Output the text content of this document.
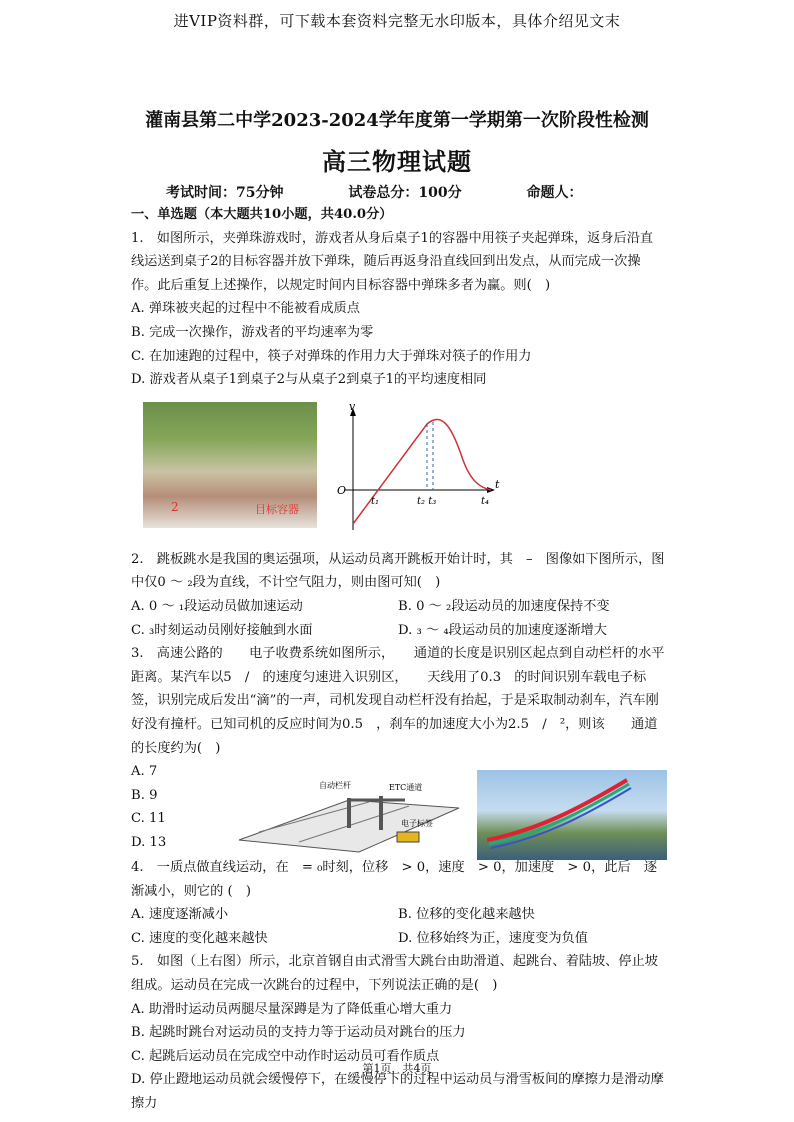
进VIP资料群，可下载本套资料完整无水印版本，具体介绍见文末
灌南县第二中学2023-2024学年度第一学期第一次阶段性检测
高三物理试题
考试时间：75分钟	试卷总分：100分	命题人：
一、单选题（本大题共10小题，共40.0分）
1.　如图所示，夹弹珠游戏时，游戏者从身后桌子1的容器中用筷子夹起弹珠，返身后沿直线运送到桌子2的目标容器并放下弹珠，随后再返身沿直线回到出发点，从而完成一次操作。此后重复上述操作，以规定时间内目标容器中弹珠多者为赢。则(　)
A. 弹珠被夹起的过程中不能被看成质点
B. 完成一次操作，游戏者的平均速率为零
C. 在加速跑的过程中，筷子对弹珠的作用力大于弹珠对筷子的作用力
D. 游戏者从桌子1到桌子2与从桌子2到桌子1的平均速度相同
2	目标容器
v
t
O
t₁	t₂ t₃	t₄
2.　跳板跳水是我国的奥运强项，从运动员离开跳板开始计时，其　–　图像如下图所示，图中仅0 ～ ₂段为直线，不计空气阻力，则由图可知(　)
A. 0 ～ ₁段运动员做加速运动	B. 0 ～ ₂段运动员的加速度保持不变
C. ₃时刻运动员刚好接触到水面	D. ₃ ～ ₄段运动员的加速度逐渐增大
3.　高速公路的　　电子收费系统如图所示，　　通道的长度是识别区起点到自动栏杆的水平距离。某汽车以5　/　的速度匀速进入识别区，　　天线用了0.3　的时间识别车载电子标签，识别完成后发出“滴”的一声，司机发现自动栏杆没有抬起，于是采取制动刹车，汽车刚好没有撞杆。已知司机的反应时间为0.5　，刹车的加速度大小为2.5　/　²，则该　　通道的长度约为(　)
A. 7
B. 9
C. 11
D. 13
自动栏杆	ETC通道
电子标签
4.　一质点做直线运动，在　= ₀时刻，位移　> 0，速度　> 0，加速度　> 0，此后　逐渐减小，则它的 (　)
A. 速度逐渐减小	B. 位移的变化越来越快
C. 速度的变化越来越快	D. 位移始终为正，速度变为负值
5.　如图（上右图）所示，北京首钢自由式滑雪大跳台由助滑道、起跳台、着陆坡、停止坡组成。运动员在完成一次跳台的过程中，下列说法正确的是(　)
A. 助滑时运动员两腿尽量深蹲是为了降低重心增大重力
B. 起跳时跳台对运动员的支持力等于运动员对跳台的压力
C. 起跳后运动员在完成空中动作时运动员可看作质点
D. 停止蹬地运动员就会缓慢停下，在缓慢停下的过程中运动员与滑雪板间的摩擦力是滑动摩擦力
第1页，共4页
